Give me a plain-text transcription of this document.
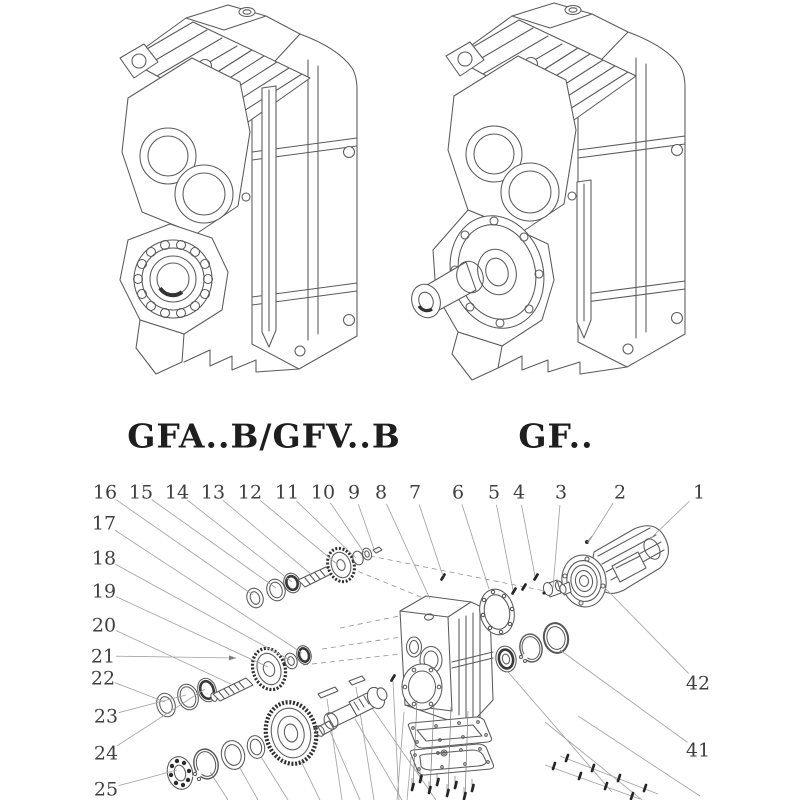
16 15 14 13 12 11 10 9 8 7 6 5 4 3 2	1
17
18
19
20
21
22
23
24
25
42
41
GFA..B/GFV..B	GF..
